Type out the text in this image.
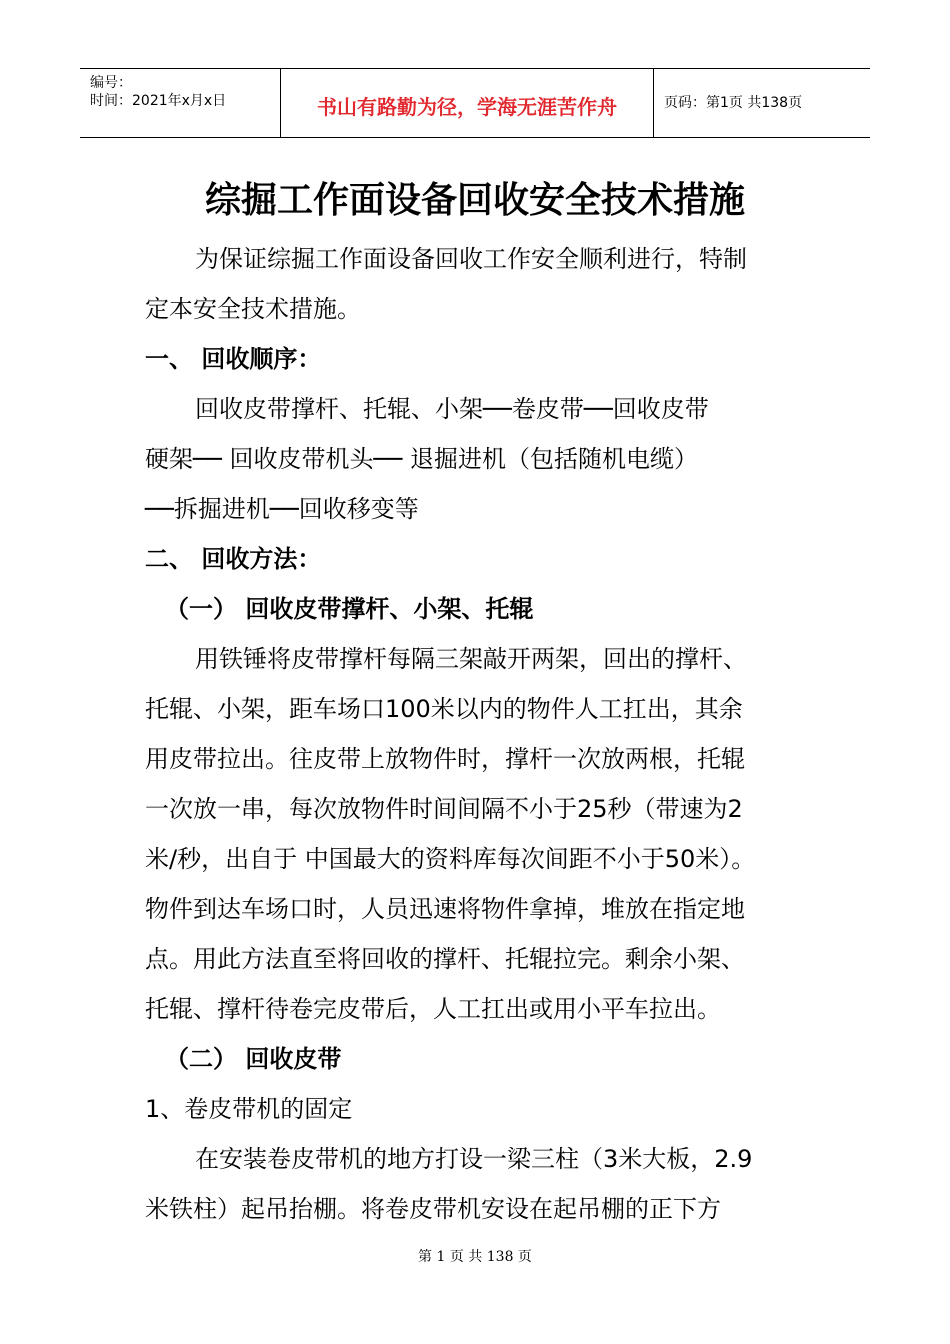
编号：
时间：2021年x月x日	书山有路勤为径，学海无涯苦作舟	页码：第1页 共138页
综掘工作面设备回收安全技术措施
为保证综掘工作面设备回收工作安全顺利进行，特制
定本安全技术措施。
一、 回收顺序：
回收皮带撑杆、托辊、小架──卷皮带──回收皮带
硬架── 回收皮带机头── 退掘进机（包括随机电缆）
──拆掘进机──回收移变等
二、 回收方法：
（一） 回收皮带撑杆、小架、托辊
用铁锤将皮带撑杆每隔三架敲开两架，回出的撑杆、
托辊、小架，距车场口100米以内的物件人工扛出，其余
用皮带拉出。往皮带上放物件时，撑杆一次放两根，托辊
一次放一串，每次放物件时间间隔不小于25秒（带速为2
米/秒，出自于 中国最大的资料库每次间距不小于50米）。
物件到达车场口时，人员迅速将物件拿掉，堆放在指定地
点。用此方法直至将回收的撑杆、托辊拉完。剩余小架、
托辊、撑杆待卷完皮带后，人工扛出或用小平车拉出。
（二） 回收皮带
1、卷皮带机的固定
在安装卷皮带机的地方打设一梁三柱（3米大板，2.9
米铁柱）起吊抬棚。将卷皮带机安设在起吊棚的正下方
第 1 页 共 138 页
